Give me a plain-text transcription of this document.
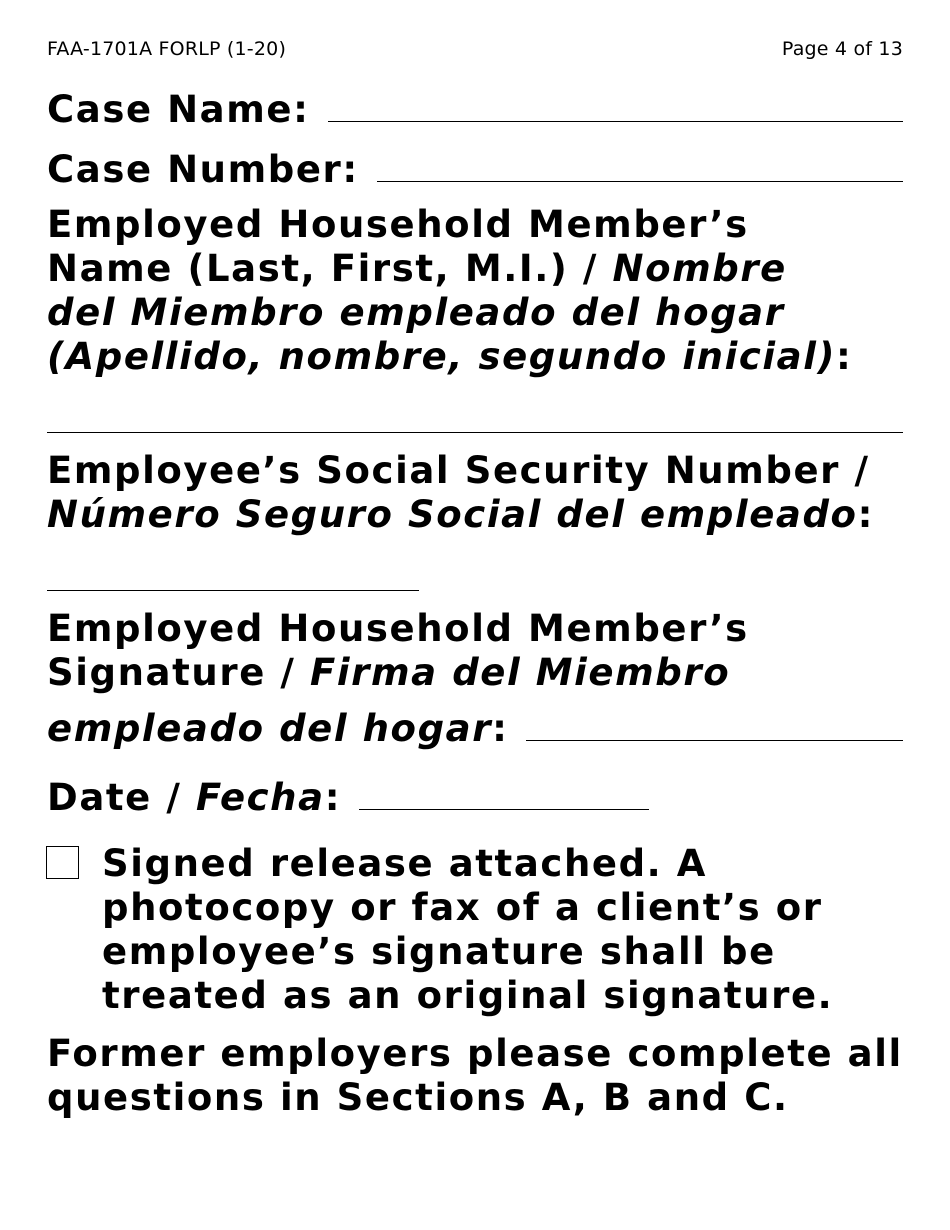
FAA-1701A FORLP (1-20)	Page 4 of 13
Case Name:
Case Number:
Employed Household Member’s
Name (Last, First, M.I.) / Nombre
del Miembro empleado del hogar
(Apellido, nombre, segundo inicial):
Employee’s Social Security Number /
Número Seguro Social del empleado:
Employed Household Member’s
Signature / Firma del Miembro
empleado del hogar:
Date / Fecha:
Signed release attached. A
photocopy or fax of a client’s or
employee’s signature shall be
treated as an original signature.
Former employers please complete all
questions in Sections A, B and C.
